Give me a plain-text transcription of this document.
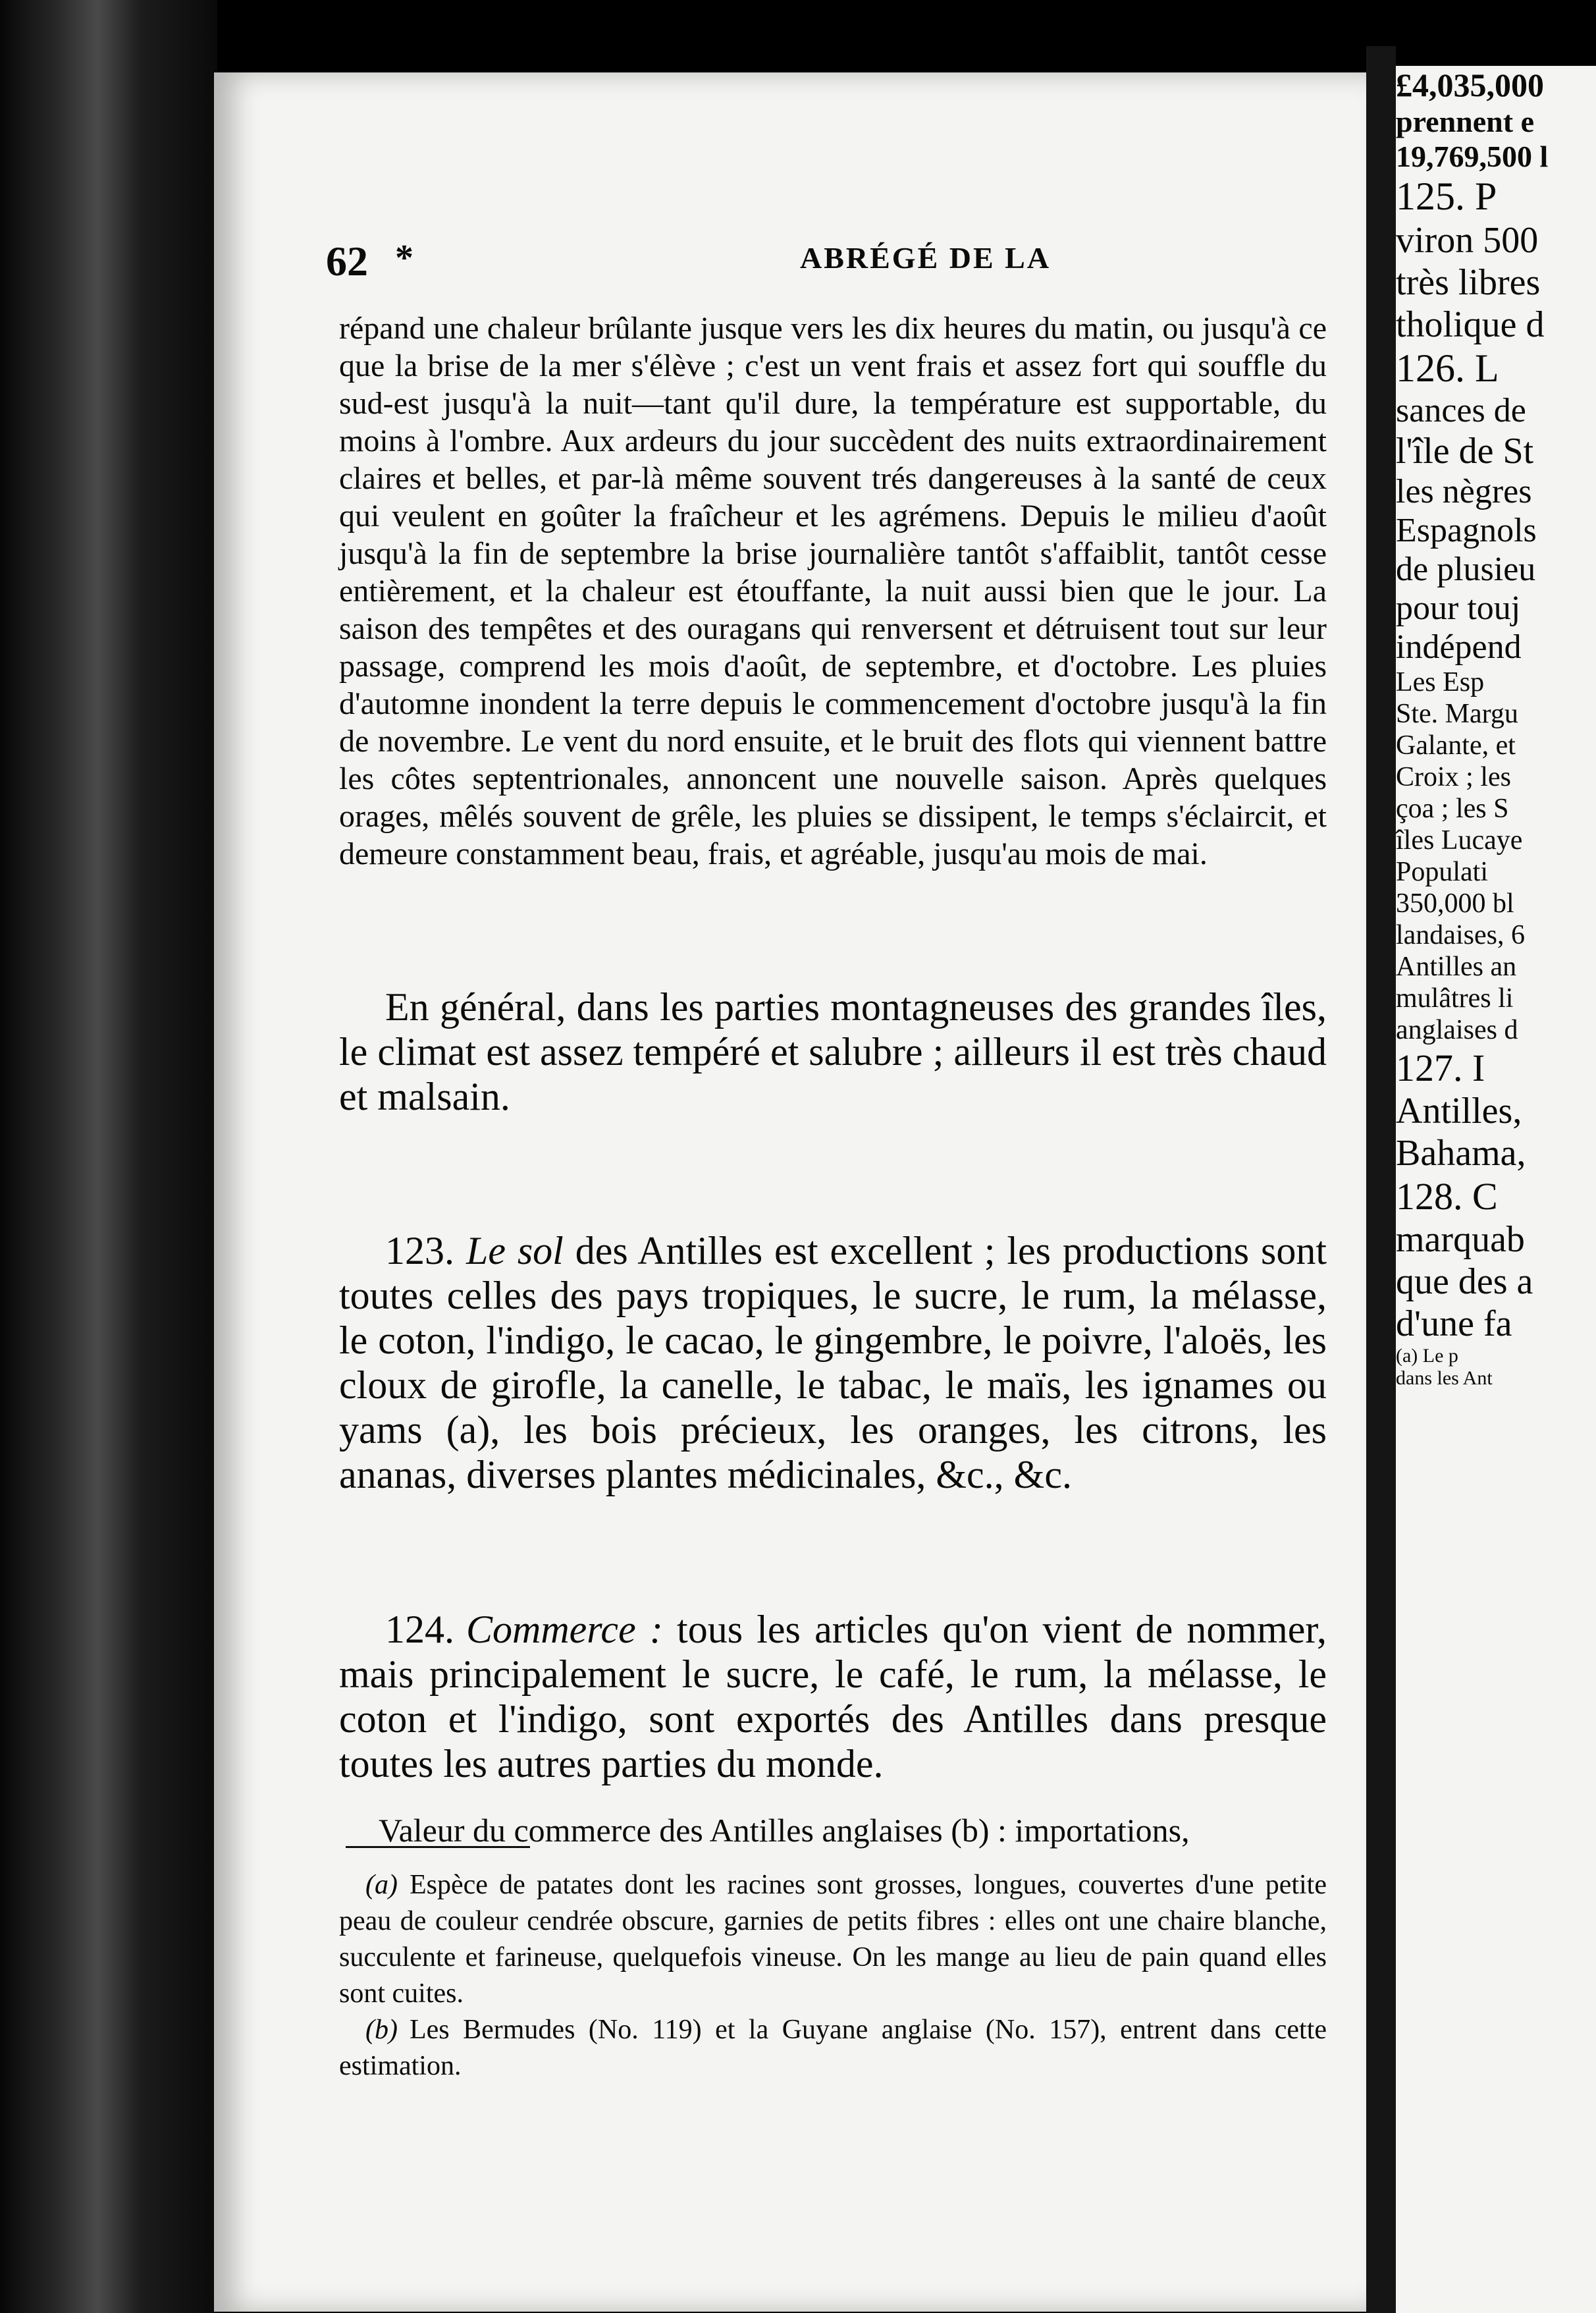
62 *	ABRÉGÉ DE LA

répand une chaleur brûlante jusque vers les dix heures du matin, ou jusqu'à ce que la brise de la mer s'élève ; c'est un vent frais et assez fort qui souffle du sud-est jusqu'à la nuit—tant qu'il dure, la température est supportable, du moins à l'ombre. Aux ardeurs du jour succèdent des nuits extraordinairement claires et belles, et par-là même souvent trés dangereuses à la santé de ceux qui veulent en goûter la fraîcheur et les agrémens. Depuis le milieu d'août jusqu'à la fin de septembre la brise journalière tantôt s'affaiblit, tantôt cesse entièrement, et la chaleur est étouffante, la nuit aussi bien que le jour. La saison des tempêtes et des ouragans qui renversent et détruisent tout sur leur passage, comprend les mois d'août, de septembre, et d'octobre. Les pluies d'automne inondent la terre depuis le commencement d'octobre jusqu'à la fin de novembre. Le vent du nord ensuite, et le bruit des flots qui viennent battre les côtes septentrionales, annoncent une nouvelle saison. Après quelques orages, mêlés souvent de grêle, les pluies se dissipent, le temps s'éclaircit, et demeure constamment beau, frais, et agréable, jusqu'au mois de mai.

En général, dans les parties montagneuses des grandes îles, le climat est assez tempéré et salubre ; ailleurs il est très chaud et malsain.

123. Le sol des Antilles est excellent ; les productions sont toutes celles des pays tropiques, le sucre, le rum, la mélasse, le coton, l'indigo, le cacao, le gingembre, le poivre, l'aloës, les cloux de girofle, la canelle, le tabac, le maïs, les ignames ou yams (a), les bois précieux, les oranges, les citrons, les ananas, diverses plantes médicinales, &c., &c.

124. Commerce : tous les articles qu'on vient de nommer, mais principalement le sucre, le café, le rum, la mélasse, le coton et l'indigo, sont exportés des Antilles dans presque toutes les autres parties du monde.

Valeur du commerce des Antilles anglaises (b) : importations,

(a) Espèce de patates dont les racines sont grosses, longues, couvertes d'une petite peau de couleur cendrée obscure, garnies de petits fibres : elles ont une chaire blanche, succulente et farineuse, quelquefois vineuse. On les mange au lieu de pain quand elles sont cuites.

(b) Les Bermudes (No. 119) et la Guyane anglaise (No. 157), entrent dans cette estimation.

£4,035,000
prennent e
19,769,500 l
125. P
viron 500
très libres
tholique d
126. L
sances de
l'île de St
les nègres
Espagnols
de plusieu
pour touj
indépend
Les Esp
Ste. Margu
Galante, et
Croix ; les
çoa ; les S
îles Lucaye
Populati
350,000 bl
landaises, 6
Antilles an
mulâtres li
anglaises d
127. I
Antilles,
Bahama,
128. C
marquab
que des a
d'une fa
(a) Le p
dans les Ant
